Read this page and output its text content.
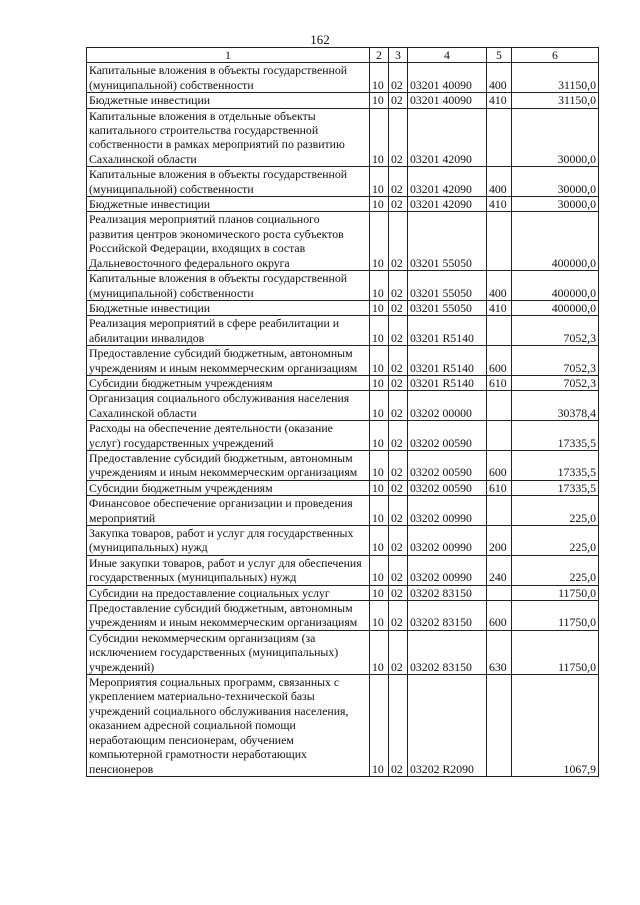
162
1	2	3	4	5	6
Капитальные вложения в объекты государственной (муниципальной) собственности	10	02	03201 40090	400	31150,0
Бюджетные инвестиции	10	02	03201 40090	410	31150,0
Капитальные вложения в отдельные объекты капитального строительства государственной собственности в рамках мероприятий по развитию Сахалинской области	10	02	03201 42090		30000,0
Капитальные вложения в объекты государственной (муниципальной) собственности	10	02	03201 42090	400	30000,0
Бюджетные инвестиции	10	02	03201 42090	410	30000,0
Реализация мероприятий планов социального развития центров экономического роста субъектов Российской Федерации, входящих в состав Дальневосточного федерального округа	10	02	03201 55050		400000,0
Капитальные вложения в объекты государственной (муниципальной) собственности	10	02	03201 55050	400	400000,0
Бюджетные инвестиции	10	02	03201 55050	410	400000,0
Реализация мероприятий в сфере реабилитации и абилитации инвалидов	10	02	03201 R5140		7052,3
Предоставление субсидий бюджетным, автономным учреждениям и иным некоммерческим организациям	10	02	03201 R5140	600	7052,3
Субсидии бюджетным учреждениям	10	02	03201 R5140	610	7052,3
Организация социального обслуживания населения Сахалинской области	10	02	03202 00000		30378,4
Расходы на обеспечение деятельности (оказание услуг) государственных учреждений	10	02	03202 00590		17335,5
Предоставление субсидий бюджетным, автономным учреждениям и иным некоммерческим организациям	10	02	03202 00590	600	17335,5
Субсидии бюджетным учреждениям	10	02	03202 00590	610	17335,5
Финансовое обеспечение организации и проведения мероприятий	10	02	03202 00990		225,0
Закупка товаров, работ и услуг для государственных (муниципальных) нужд	10	02	03202 00990	200	225,0
Иные закупки товаров, работ и услуг для обеспечения государственных (муниципальных) нужд	10	02	03202 00990	240	225,0
Субсидии на предоставление социальных услуг	10	02	03202 83150		11750,0
Предоставление субсидий бюджетным, автономным учреждениям и иным некоммерческим организациям	10	02	03202 83150	600	11750,0
Субсидии некоммерческим организациям (за исключением государственных (муниципальных) учреждений)	10	02	03202 83150	630	11750,0
Мероприятия социальных программ, связанных с укреплением материально-технической базы учреждений социального обслуживания населения, оказанием адресной социальной помощи неработающим пенсионерам, обучением компьютерной грамотности неработающих пенсионеров	10	02	03202 R2090		1067,9
